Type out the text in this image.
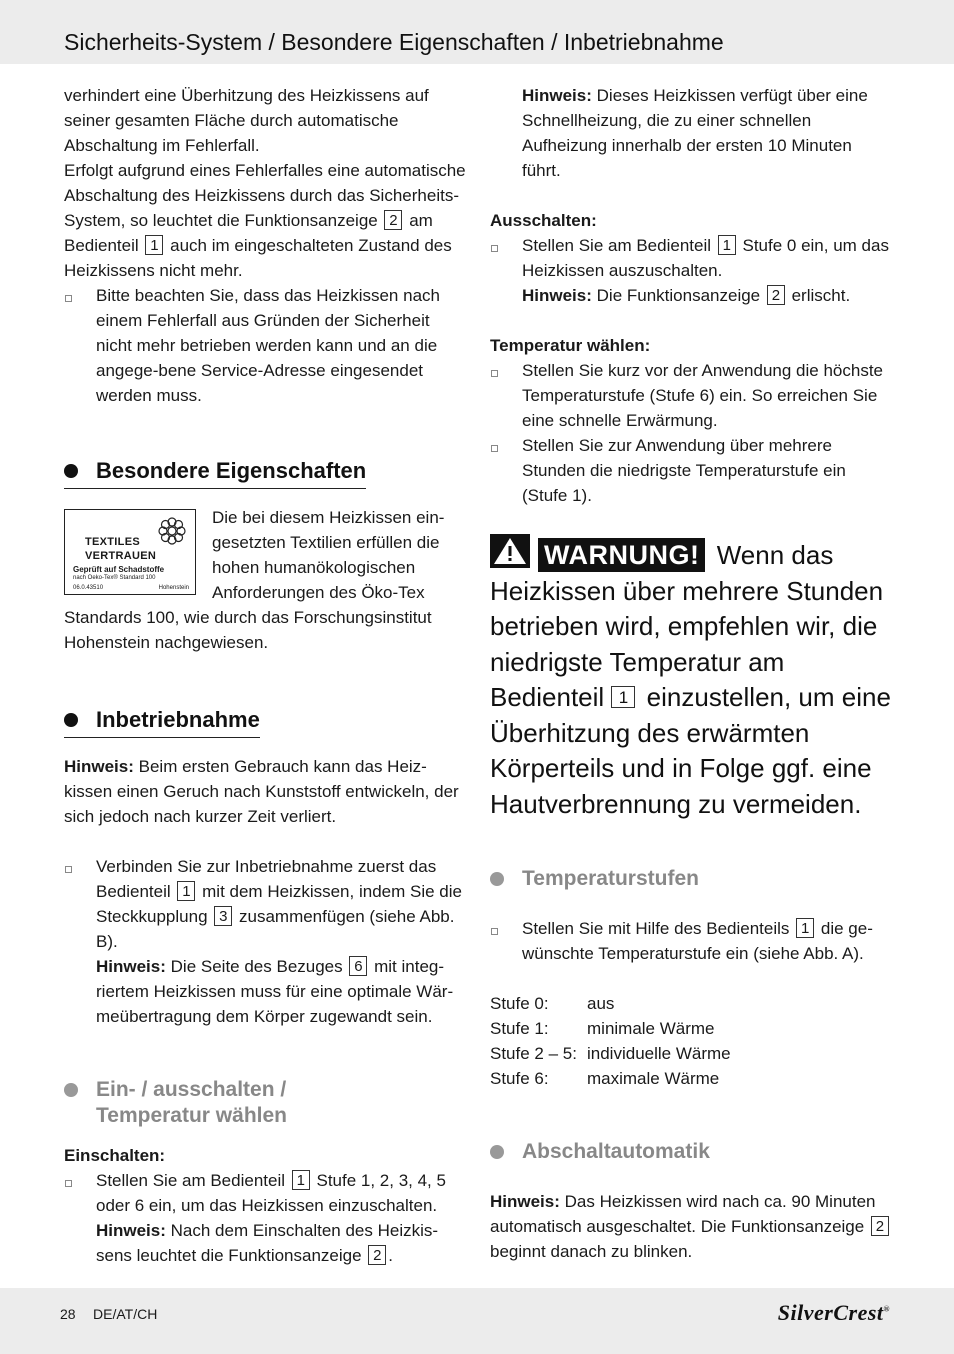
Sicherheits-System / Besondere Eigenschaften / Inbetriebnahme

verhindert eine Überhitzung des Heizkissens auf seiner gesamten Fläche durch automatische Abschaltung im Fehlerfall.

Erfolgt aufgrund eines Fehlerfalles eine automatische Abschaltung des Heizkissens durch das Sicherheits-System, so leuchtet die Funktionsanzeige 2 am Bedienteil 1 auch im eingeschalteten Zustand des Heizkissens nicht mehr.

Bitte beachten Sie, dass das Heizkissen nach einem Fehlerfall aus Gründen der Sicherheit nicht mehr betrieben werden kann und an die angege-bene Service-Adresse eingesendet werden muss.
Besondere Eigenschaften
TEXTILES
VERTRAUEN
Geprüft auf Schadstoffe
nach Oeko-Tex® Standard 100
06.0.43510	Hohenstein

Die bei diesem Heizkissen ein-gesetzten Textilien erfüllen die hohen humanökologischen Anforderungen des Öko-Tex Standards 100, wie durch das Forschungsinstitut Hohenstein nachgewiesen.

Inbetriebnahme

Hinweis: Beim ersten Gebrauch kann das Heiz-kissen einen Geruch nach Kunststoff entwickeln, der sich jedoch nach kurzer Zeit verliert.

Verbinden Sie zur Inbetriebnahme zuerst das Bedienteil 1 mit dem Heizkissen, indem Sie die Steckkupplung 3 zusammenfügen (siehe Abb. B).
Hinweis: Die Seite des Bezuges 6 mit integ-riertem Heizkissen muss für eine optimale Wär-meübertragung dem Körper zugewandt sein.
Ein- / ausschalten / Temperatur wählen

Einschalten:

Stellen Sie am Bedienteil 1 Stufe 1, 2, 3, 4, 5 oder 6 ein, um das Heizkissen einzuschalten.
Hinweis: Nach dem Einschalten des Heizkis-sens leuchtet die Funktionsanzeige 2 .
Hinweis: Dieses Heizkissen verfügt über eine Schnellheizung, die zu einer schnellen Aufheizung innerhalb der ersten 10 Minuten führt.

Ausschalten:

Stellen Sie am Bedienteil 1 Stufe 0 ein, um das Heizkissen auszuschalten.
Hinweis: Die Funktionsanzeige 2 erlischt.

Temperatur wählen:

Stellen Sie kurz vor der Anwendung die höchste Temperaturstufe (Stufe 6) ein. So erreichen Sie eine schnelle Erwärmung.
Stellen Sie zur Anwendung über mehrere Stunden die niedrigste Temperaturstufe ein (Stufe 1).
WARNUNG! Wenn das Heizkissen über mehrere Stunden betrieben wird, empfehlen wir, die niedrigste Temperatur am Bedienteil 1 einzustellen, um eine Überhitzung des erwärmten Körperteils und in Folge ggf. eine Hautverbrennung zu vermeiden.
Temperaturstufen
Stellen Sie mit Hilfe des Bedienteils 1 die ge-wünschte Temperaturstufe ein (siehe Abb. A).
Stufe 0:	aus
Stufe 1:	minimale Wärme
Stufe 2 – 5: individuelle Wärme
Stufe 6:	maximale Wärme
Abschaltautomatik

Hinweis: Das Heizkissen wird nach ca. 90 Minuten automatisch ausgeschaltet. Die Funktionsanzeige 2 beginnt danach zu blinken.

28 DE/AT/CH	SilverCrest®
